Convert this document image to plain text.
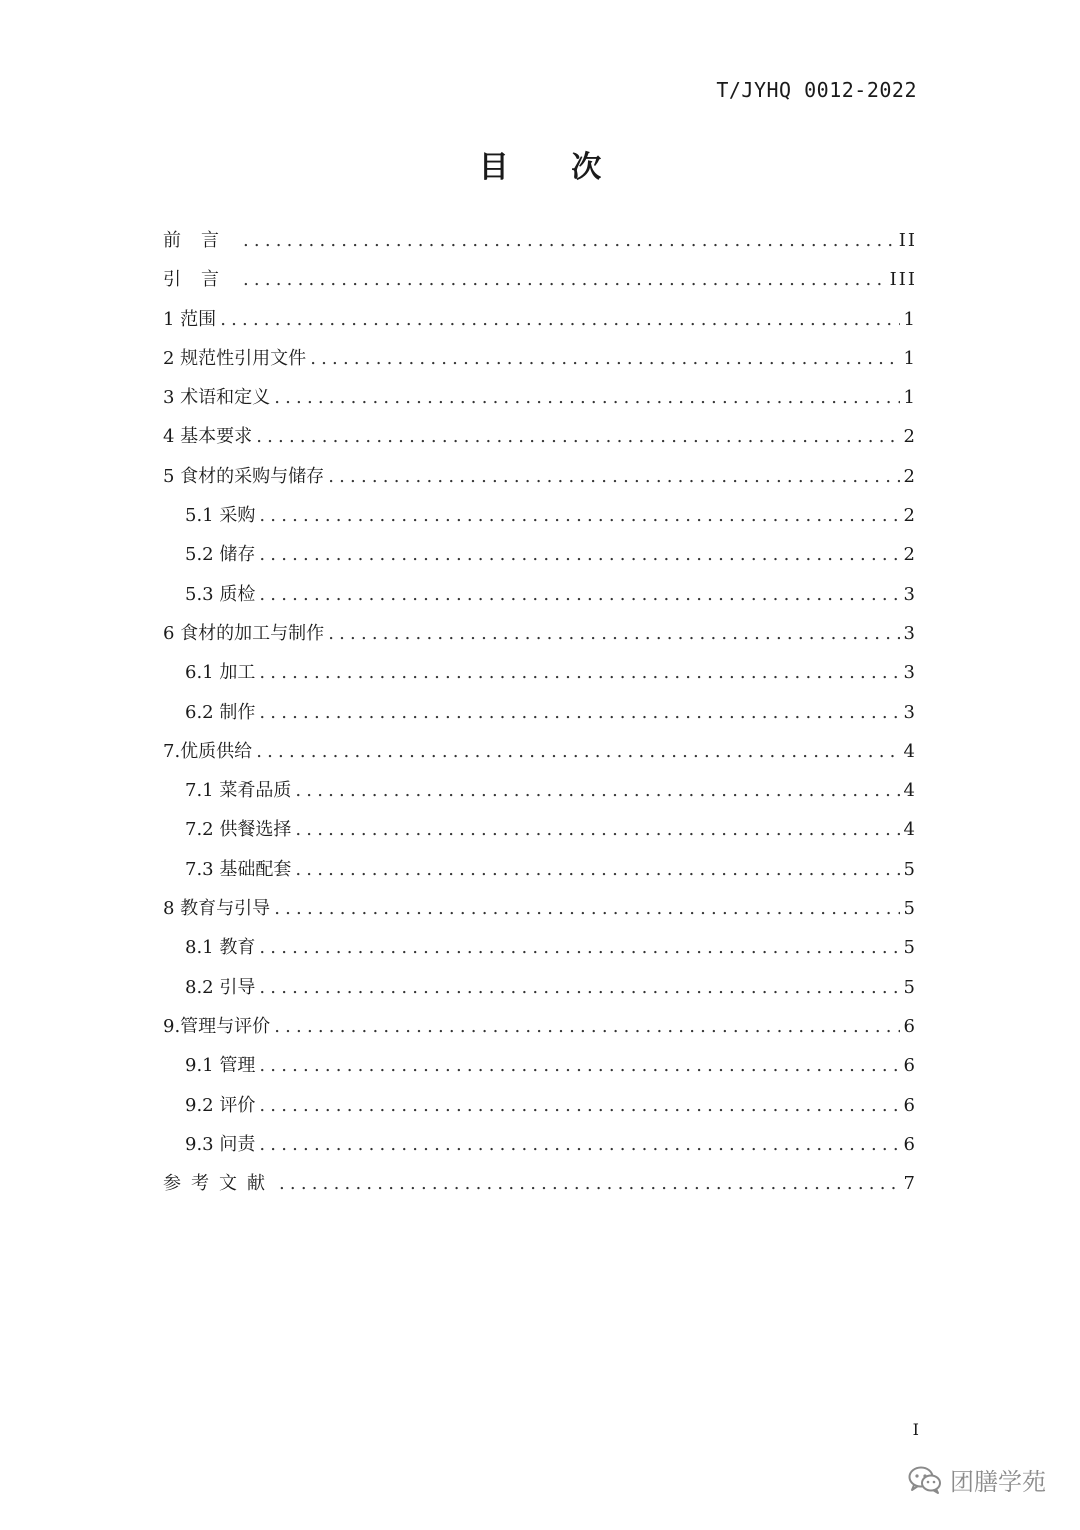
T/JYHQ 0012-2022
目 次
前言 .....	II
引言 .....	III
1 范围 .....	1
2 规范性引用文件 .....	1
3 术语和定义 .....	1
4 基本要求 .....	2
5 食材的采购与储存 .....	2
5.1 采购 .....	2
5.2 储存 .....	2
5.3 质检 .....	3
6 食材的加工与制作 .....	3
6.1 加工 .....	3
6.2 制作 .....	3
7.优质供给 .....	4
7.1 菜肴品质 .....	4
7.2 供餐选择 .....	4
7.3 基础配套 .....	5
8 教育与引导 .....	5
8.1 教育 .....	5
8.2 引导 .....	5
9.管理与评价 .....	6
9.1 管理 .....	6
9.2 评价 .....	6
9.3 问责 .....	6
参考文献 .....	7
I
团膳学苑
